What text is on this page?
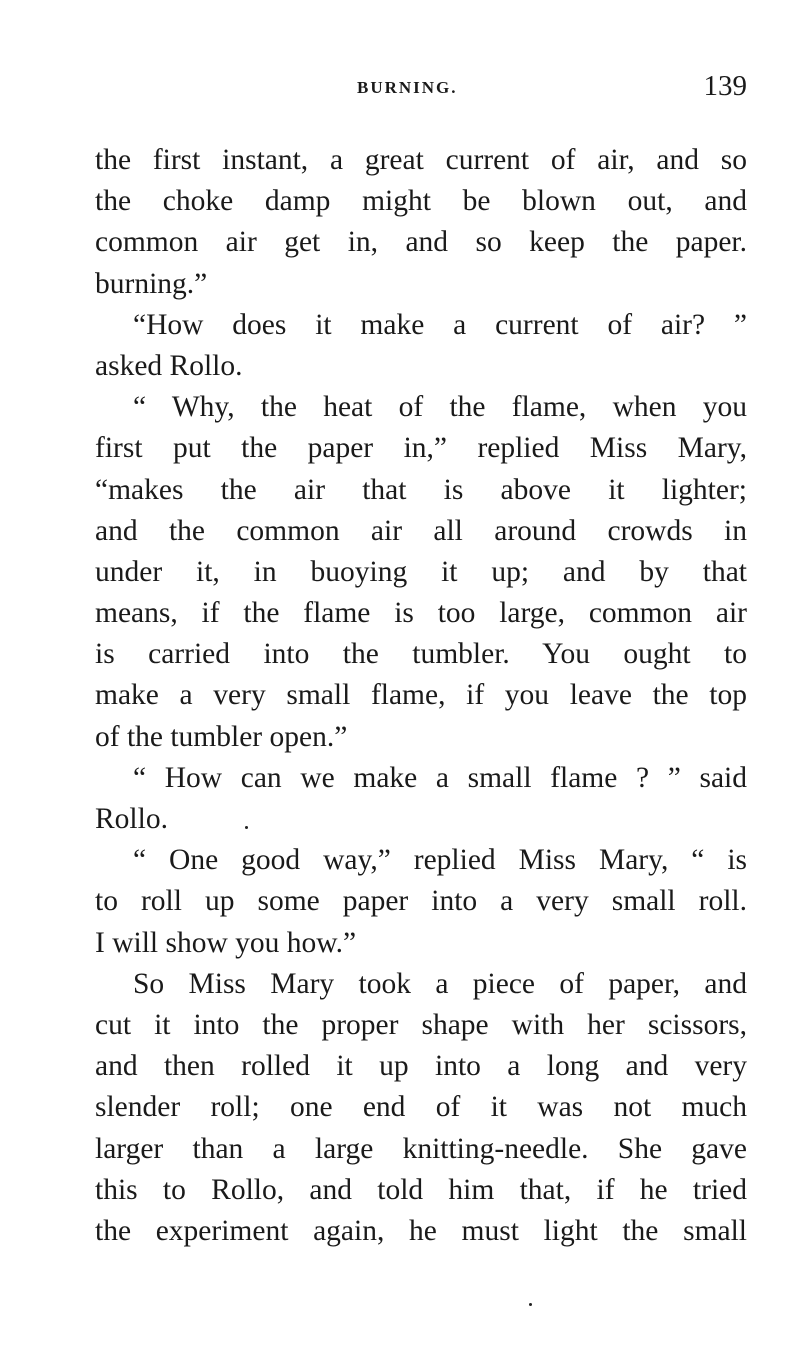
BURNING.	139
the first instant, a great current of air, and so
the choke damp might be blown out, and
common air get in, and so keep the paper.
burning.”
“How does it make a current of air? ”
asked Rollo.
“ Why, the heat of the flame, when you
first put the paper in,” replied Miss Mary,
“makes the air that is above it lighter;
and the common air all around crowds in
under it, in buoying it up; and by that
means, if the flame is too large, common air
is carried into the tumbler. You ought to
make a very small flame, if you leave the top
of the tumbler open.”
“ How can we make a small flame ? ” said
Rollo.
“ One good way,” replied Miss Mary, “ is
to roll up some paper into a very small roll.
I will show you how.”
So Miss Mary took a piece of paper, and
cut it into the proper shape with her scissors,
and then rolled it up into a long and very
slender roll; one end of it was not much
larger than a large knitting-needle. She gave
this to Rollo, and told him that, if he tried
the experiment again, he must light the small
